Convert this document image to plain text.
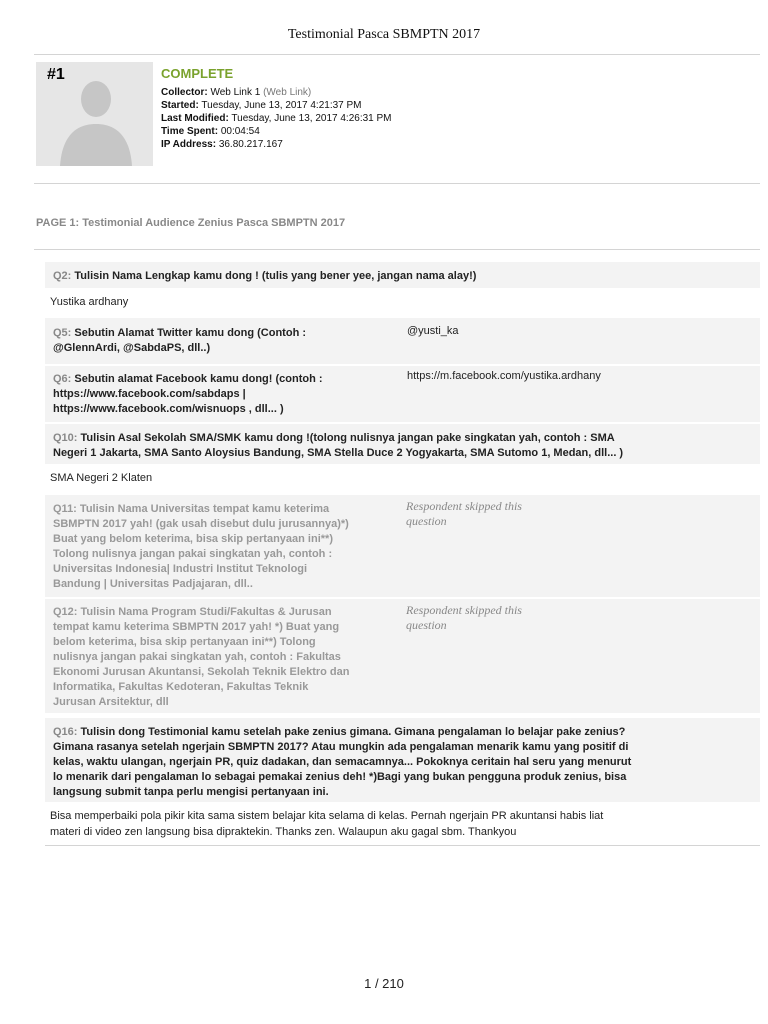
Testimonial Pasca SBMPTN 2017
#1	COMPLETE
Collector: Web Link 1 (Web Link)
Started: Tuesday, June 13, 2017 4:21:37 PM
Last Modified: Tuesday, June 13, 2017 4:26:31 PM
Time Spent: 00:04:54
IP Address: 36.80.217.167
PAGE 1: Testimonial Audience Zenius Pasca SBMPTN 2017
Q2: Tulisin Nama Lengkap kamu dong ! (tulis yang bener yee, jangan nama alay!)
Yustika ardhany
Q5: Sebutin Alamat Twitter kamu dong (Contoh :
@GlennArdi, @SabdaPS, dll..)
@yusti_ka
Q6: Sebutin alamat Facebook kamu dong! (contoh :
https://www.facebook.com/sabdaps |
https://www.facebook.com/wisnuops , dll... )
https://m.facebook.com/yustika.ardhany
Q10: Tulisin Asal Sekolah SMA/SMK kamu dong !(tolong nulisnya jangan pake singkatan yah, contoh : SMA
Negeri 1 Jakarta, SMA Santo Aloysius Bandung, SMA Stella Duce 2 Yogyakarta, SMA Sutomo 1, Medan, dll... )
SMA Negeri 2 Klaten
Q11: Tulisin Nama Universitas tempat kamu keterima
SBMPTN 2017 yah! (gak usah disebut dulu jurusannya)*)
Buat yang belom keterima, bisa skip pertanyaan ini**)
Tolong nulisnya jangan pakai singkatan yah, contoh :
Universitas Indonesia| Industri Institut Teknologi
Bandung | Universitas Padjajaran, dll..
Respondent skipped this
question
Q12: Tulisin Nama Program Studi/Fakultas & Jurusan
tempat kamu keterima SBMPTN 2017 yah! *) Buat yang
belom keterima, bisa skip pertanyaan ini**) Tolong
nulisnya jangan pakai singkatan yah, contoh : Fakultas
Ekonomi Jurusan Akuntansi, Sekolah Teknik Elektro dan
Informatika, Fakultas Kedoteran, Fakultas Teknik
Jurusan Arsitektur, dll
Respondent skipped this
question
Q16: Tulisin dong Testimonial kamu setelah pake zenius gimana. Gimana pengalaman lo belajar pake zenius?
Gimana rasanya setelah ngerjain SBMPTN 2017? Atau mungkin ada pengalaman menarik kamu yang positif di
kelas, waktu ulangan, ngerjain PR, quiz dadakan, dan semacamnya... Pokoknya ceritain hal seru yang menurut
lo menarik dari pengalaman lo sebagai pemakai zenius deh! *)Bagi yang bukan pengguna produk zenius, bisa
langsung submit tanpa perlu mengisi pertanyaan ini.
Bisa memperbaiki pola pikir kita sama sistem belajar kita selama di kelas. Pernah ngerjain PR akuntansi habis liat
materi di video zen langsung bisa dipraktekin. Thanks zen. Walaupun aku gagal sbm. Thankyou
1 / 210
